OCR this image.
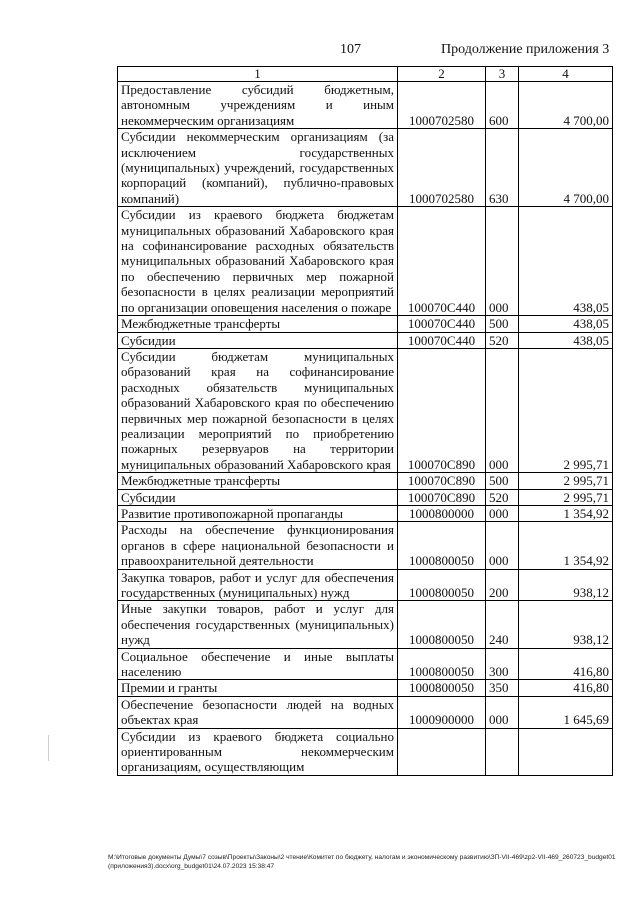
107	Продолжение приложения 3
1	2	3	4
Предоставление субсидий бюджетным, автономным учреждениям и иным некоммерческим организациям	1000702580	600	4 700,00
Субсидии некоммерческим организациям (за исключением государственных (муниципальных) учреждений, государственных корпораций (компаний), публично-правовых компаний)	1000702580	630	4 700,00
Субсидии из краевого бюджета бюджетам муниципальных образований Хабаровского края на софинансирование расходных обязательств муниципальных образований Хабаровского края по обеспечению первичных мер пожарной безопасности в целях реализации мероприятий по организации оповещения населения о пожаре	100070С440	000	438,05
Межбюджетные трансферты	100070С440	500	438,05
Субсидии	100070С440	520	438,05
Субсидии бюджетам муниципальных образований края на софинансирование расходных обязательств муниципальных образований Хабаровского края по обеспечению первичных мер пожарной безопасности в целях реализации мероприятий по приобретению пожарных резервуаров на территории муниципальных образований Хабаровского края	100070С890	000	2 995,71
Межбюджетные трансферты	100070С890	500	2 995,71
Субсидии	100070С890	520	2 995,71
Развитие противопожарной пропаганды	1000800000	000	1 354,92
Расходы на обеспечение функционирования органов в сфере национальной безопасности и правоохранительной деятельности	1000800050	000	1 354,92
Закупка товаров, работ и услуг для обеспечения государственных (муниципальных) нужд	1000800050	200	938,12
Иные закупки товаров, работ и услуг для обеспечения государственных (муниципальных) нужд	1000800050	240	938,12
Социальное обеспечение и иные выплаты населению	1000800050	300	416,80
Премии и гранты	1000800050	350	416,80
Обеспечение безопасности людей на водных объектах края	1000900000	000	1 645,69
Субсидии из краевого бюджета социально ориентированным некоммерческим организациям, осуществляющим			
M:\Итоговые документы Думы\7 созыв\Проекты\Законы\2 чтение\Комитет по бюджету, налогам и экономическому развитию\ЗП-VII-469\zp2-VII-469_260723_budget01(приложения3).docx\org_budget01\24.07.2023 15:38:47
